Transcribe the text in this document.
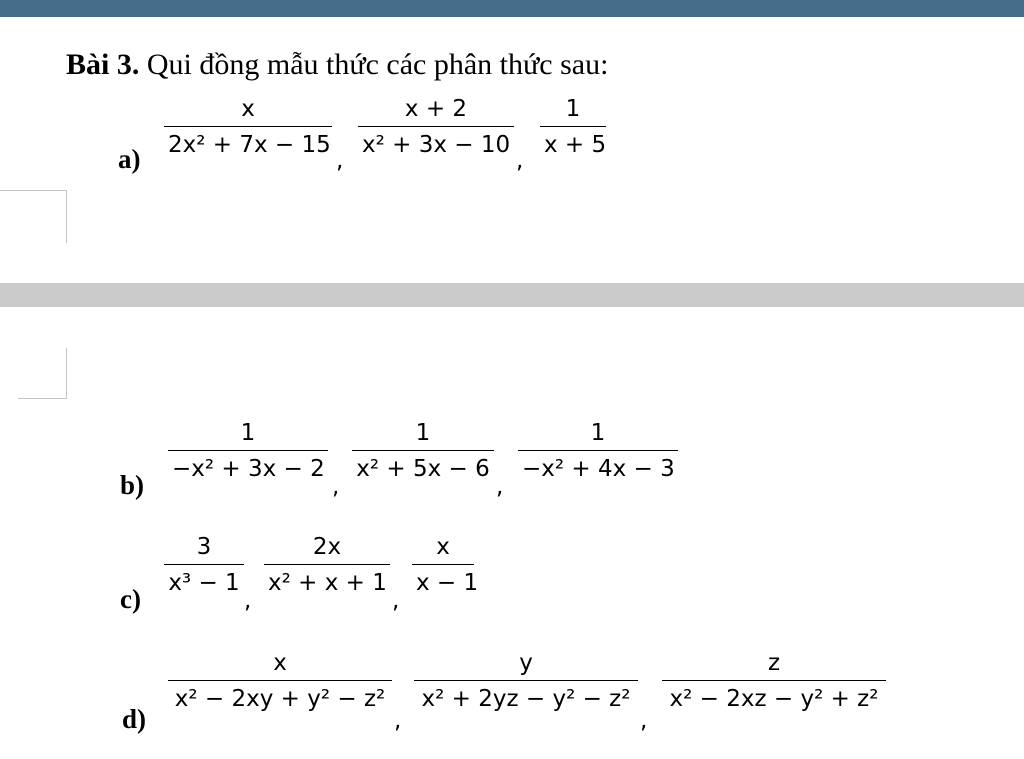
Bài 3. Qui đồng mẫu thức các phân thức sau:
a)
$\frac{x}{\text{2x² + 7x − 15}}$
,
$\frac{x + 2}{\text{x² + 3x − 10}}$
,
$\frac{1}{x + 5}$
b)
$\frac{1}{\text{−x² + 3x − 2}}$
,
$\frac{1}{\text{x² + 5x − 6}}$
,
$\frac{1}{\text{−x² + 4x − 3}}$
c)
$\frac{3}{\text{x³ − 1}}$
,
$\frac{2x}{\text{x² + x + 1}}$
,
$\frac{x}{x - 1}$
d)
$\frac{x}{\text{x² − 2xy + y² − z²}}$
,
$\frac{y}{\text{x² + 2yz − y² − z²}}$
,
$\frac{z}{\text{x² − 2xz − y² + z²}}$
